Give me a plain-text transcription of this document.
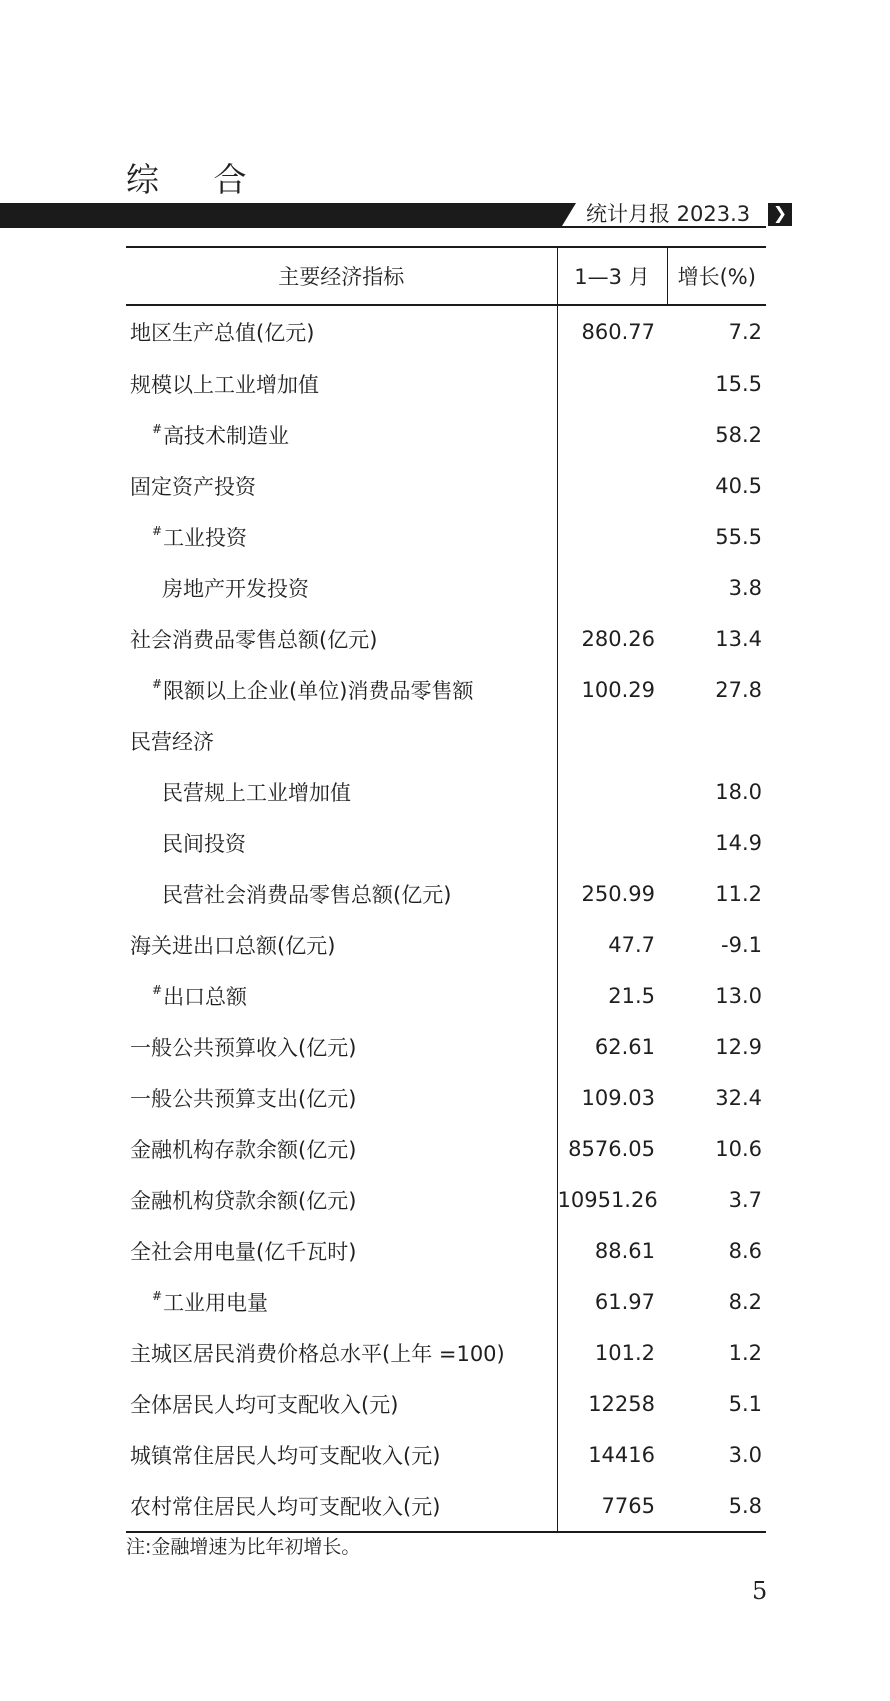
综 合
统计月报 2023.3 ❯
主要经济指标	1—3 月	增长(%)
地区生产总值(亿元)	860.77	7.2
规模以上工业增加值		15.5
#高技术制造业		58.2
固定资产投资		40.5
#工业投资		55.5
房地产开发投资		3.8
社会消费品零售总额(亿元)	280.26	13.4
#限额以上企业(单位)消费品零售额	100.29	27.8
民营经济		
民营规上工业增加值		18.0
民间投资		14.9
民营社会消费品零售总额(亿元)	250.99	11.2
海关进出口总额(亿元)	47.7	-9.1
#出口总额	21.5	13.0
一般公共预算收入(亿元)	62.61	12.9
一般公共预算支出(亿元)	109.03	32.4
金融机构存款余额(亿元)	8576.05	10.6
金融机构贷款余额(亿元)	10951.26	3.7
全社会用电量(亿千瓦时)	88.61	8.6
#工业用电量	61.97	8.2
主城区居民消费价格总水平(上年 =100)	101.2	1.2
全体居民人均可支配收入(元)	12258	5.1
城镇常住居民人均可支配收入(元)	14416	3.0
农村常住居民人均可支配收入(元)	7765	5.8
注:金融增速为比年初增长。
5
